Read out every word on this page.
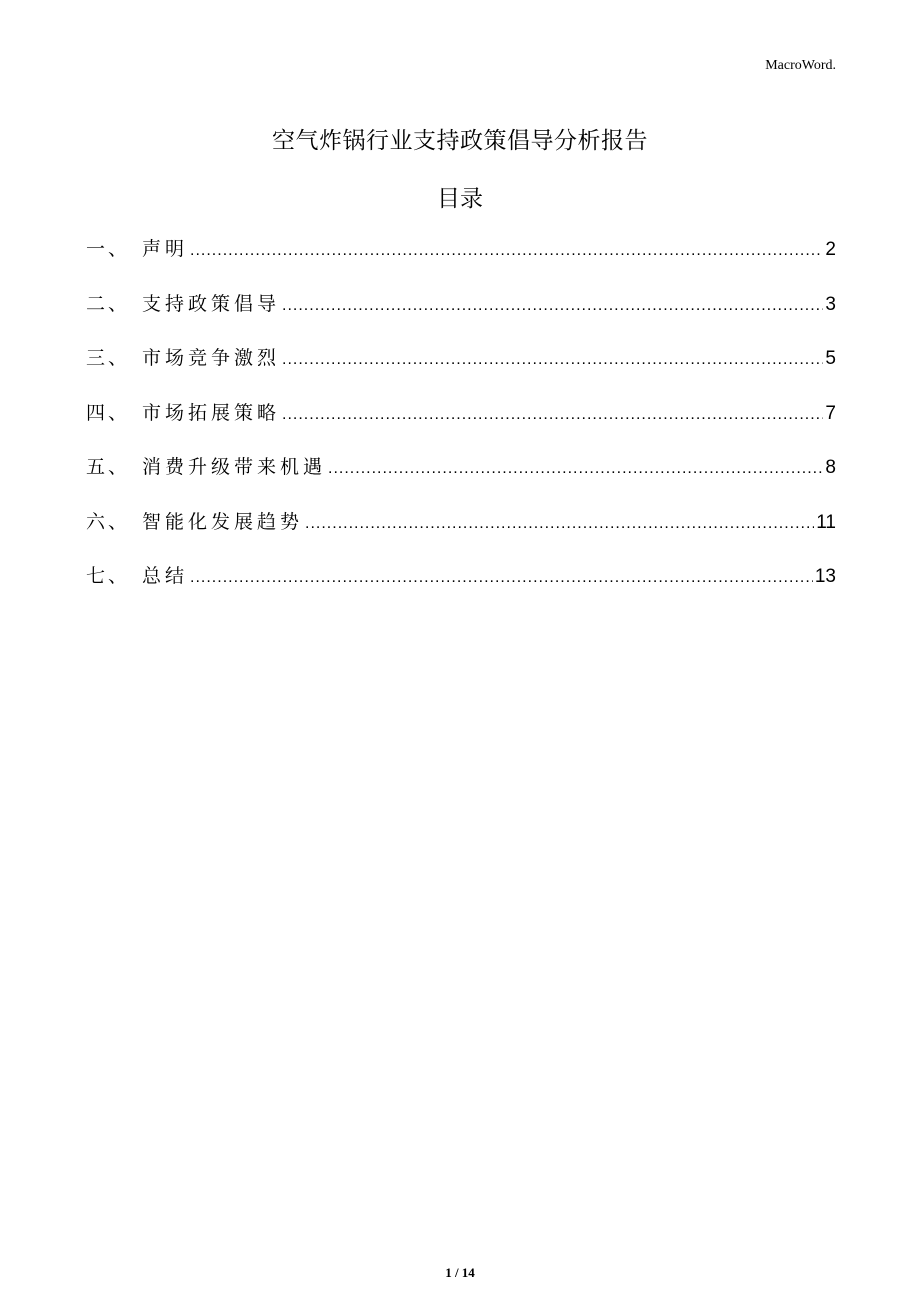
MacroWord.
空气炸锅行业支持政策倡导分析报告
目录
一、 声明 .....	2
二、 支持政策倡导 .....	3
三、 市场竞争激烈 .....	5
四、 市场拓展策略 .....	7
五、 消费升级带来机遇 .....	8
六、 智能化发展趋势 .....	11
七、 总结 .....	13
1 / 14
